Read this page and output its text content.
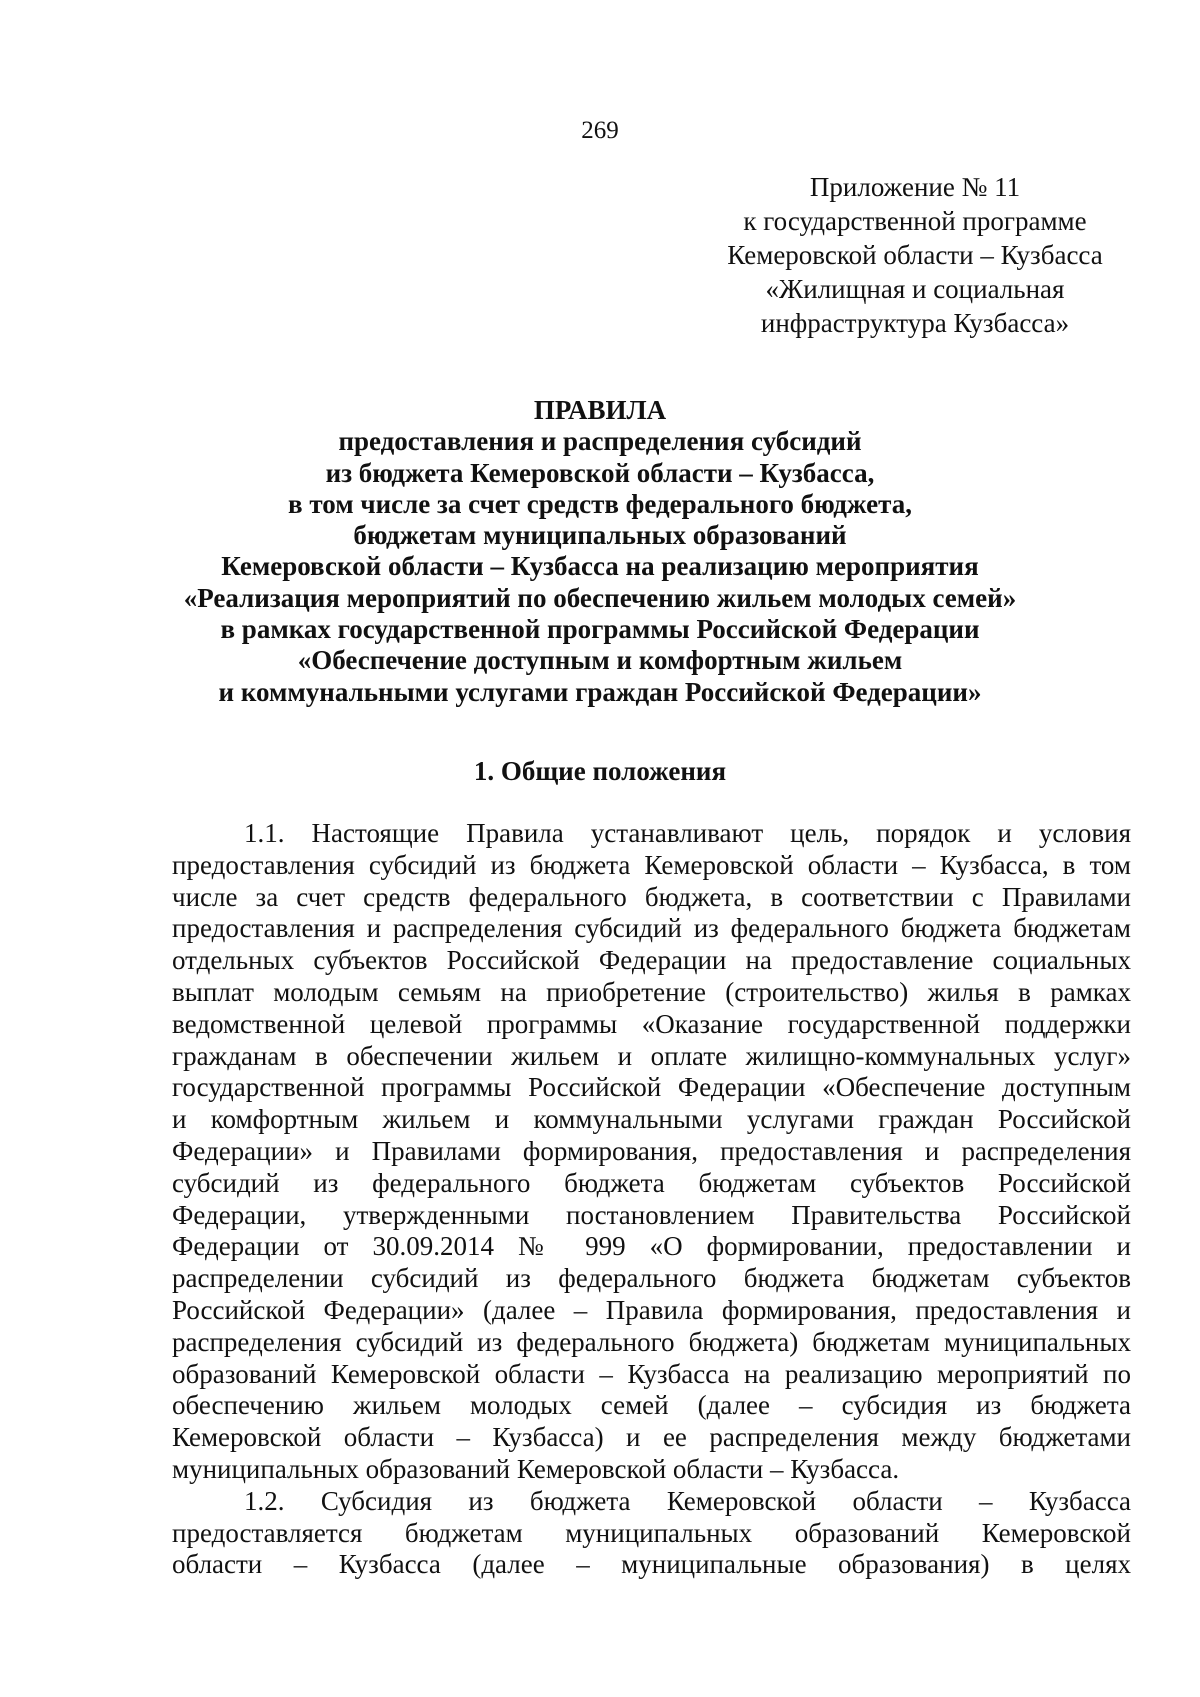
269
Приложение № 11
к государственной программе
Кемеровской области – Кузбасса
«Жилищная и социальная
инфраструктура Кузбасса»
ПРАВИЛА
предоставления и распределения субсидий
из бюджета Кемеровской области – Кузбасса,
в том числе за счет средств федерального бюджета,
бюджетам муниципальных образований
Кемеровской области – Кузбасса на реализацию мероприятия
«Реализация мероприятий по обеспечению жильем молодых семей»
в рамках государственной программы Российской Федерации
«Обеспечение доступным и комфортным жильем
и коммунальными услугами граждан Российской Федерации»
1. Общие положения
1.1. Настоящие Правила устанавливают цель, порядок и условия
предоставления субсидий из бюджета Кемеровской области – Кузбасса, в том
числе за счет средств федерального бюджета, в соответствии с Правилами
предоставления и распределения субсидий из федерального бюджета бюджетам
отдельных субъектов Российской Федерации на предоставление социальных
выплат молодым семьям на приобретение (строительство) жилья в рамках
ведомственной целевой программы «Оказание государственной поддержки
гражданам в обеспечении жильем и оплате жилищно-коммунальных услуг»
государственной программы Российской Федерации «Обеспечение доступным
и комфортным жильем и коммунальными услугами граждан Российской
Федерации» и Правилами формирования, предоставления и распределения
субсидий из федерального бюджета бюджетам субъектов Российской
Федерации, утвержденными постановлением Правительства Российской
Федерации от 30.09.2014 № 999 «О формировании, предоставлении и
распределении субсидий из федерального бюджета бюджетам субъектов
Российской Федерации» (далее – Правила формирования, предоставления и
распределения субсидий из федерального бюджета) бюджетам муниципальных
образований Кемеровской области – Кузбасса на реализацию мероприятий по
обеспечению жильем молодых семей (далее – субсидия из бюджета
Кемеровской области – Кузбасса) и ее распределения между бюджетами
муниципальных образований Кемеровской области – Кузбасса.
1.2. Субсидия из бюджета Кемеровской области – Кузбасса
предоставляется бюджетам муниципальных образований Кемеровской
области – Кузбасса (далее – муниципальные образования) в целях
